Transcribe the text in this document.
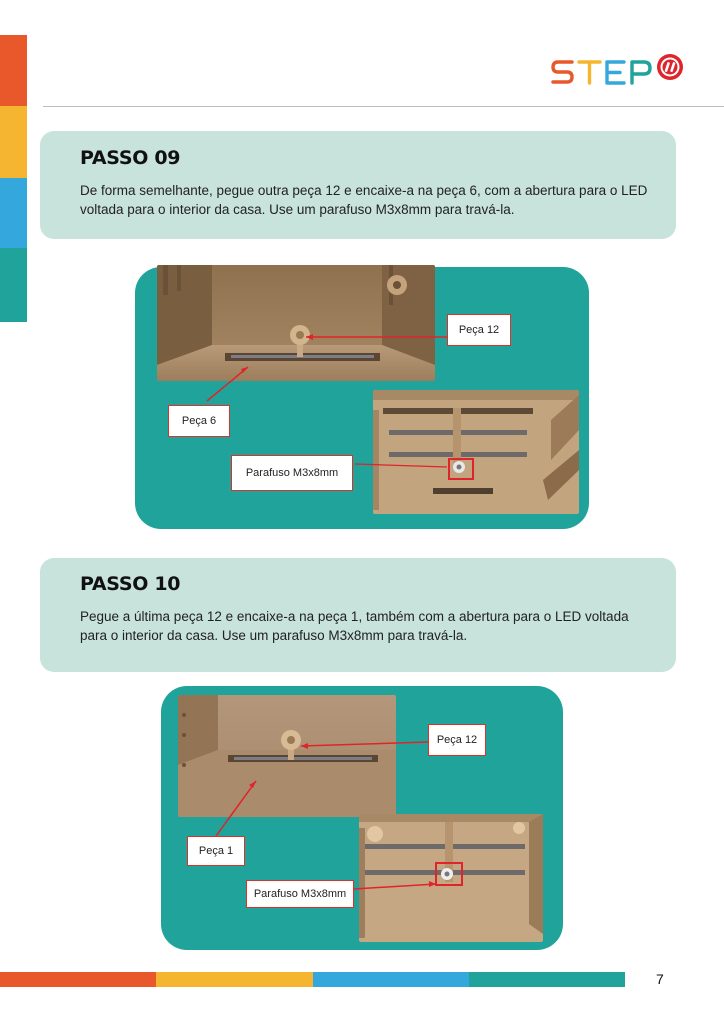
PASSO 09
De forma semelhante, pegue outra peça 12 e encaixe-a na peça 6, com a abertura para o LED voltada para o interior da casa. Use um parafuso M3x8mm para travá-la.
Peça 12
Peça 6
Parafuso M3x8mm
PASSO 10
Pegue a última peça 12 e encaixe-a na peça 1, também com a abertura para o LED voltada para o interior da casa. Use um parafuso M3x8mm para travá-la.
Peça 12
Peça 1
Parafuso M3x8mm
7
